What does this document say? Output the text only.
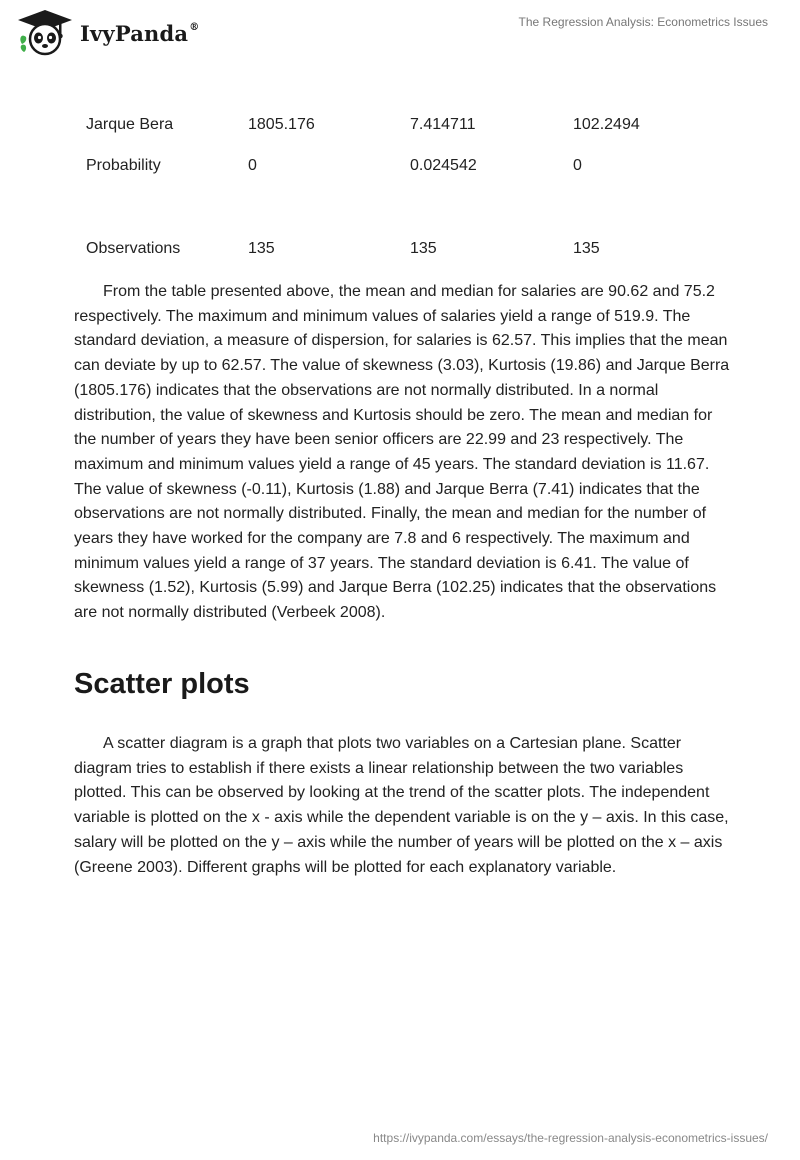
IvyPanda®	The Regression Analysis: Econometrics Issues
Jarque Bera	1805.176	7.414711	102.2494
Probability	0	0.024542	0

Observations	135	135	135

From the table presented above, the mean and median for salaries are 90.62 and 75.2 respectively. The maximum and minimum values of salaries yield a range of 519.9. The standard deviation, a measure of dispersion, for salaries is 62.57. This implies that the mean can deviate by up to 62.57. The value of skewness (3.03), Kurtosis (19.86) and Jarque Berra (1805.176) indicates that the observations are not normally distributed. In a normal distribution, the value of skewness and Kurtosis should be zero. The mean and median for the number of years they have been senior officers are 22.99 and 23 respectively. The maximum and minimum values yield a range of 45 years. The standard deviation is 11.67. The value of skewness (-0.11), Kurtosis (1.88) and Jarque Berra (7.41) indicates that the observations are not normally distributed. Finally, the mean and median for the number of years they have worked for the company are 7.8 and 6 respectively. The maximum and minimum values yield a range of 37 years. The standard deviation is 6.41. The value of skewness (1.52), Kurtosis (5.99) and Jarque Berra (102.25) indicates that the observations are not normally distributed (Verbeek 2008).

Scatter plots

A scatter diagram is a graph that plots two variables on a Cartesian plane. Scatter diagram tries to establish if there exists a linear relationship between the two variables plotted. This can be observed by looking at the trend of the scatter plots. The independent variable is plotted on the x - axis while the dependent variable is on the y – axis. In this case, salary will be plotted on the y – axis while the number of years will be plotted on the x – axis (Greene 2003). Different graphs will be plotted for each explanatory variable.

https://ivypanda.com/essays/the-regression-analysis-econometrics-issues/
